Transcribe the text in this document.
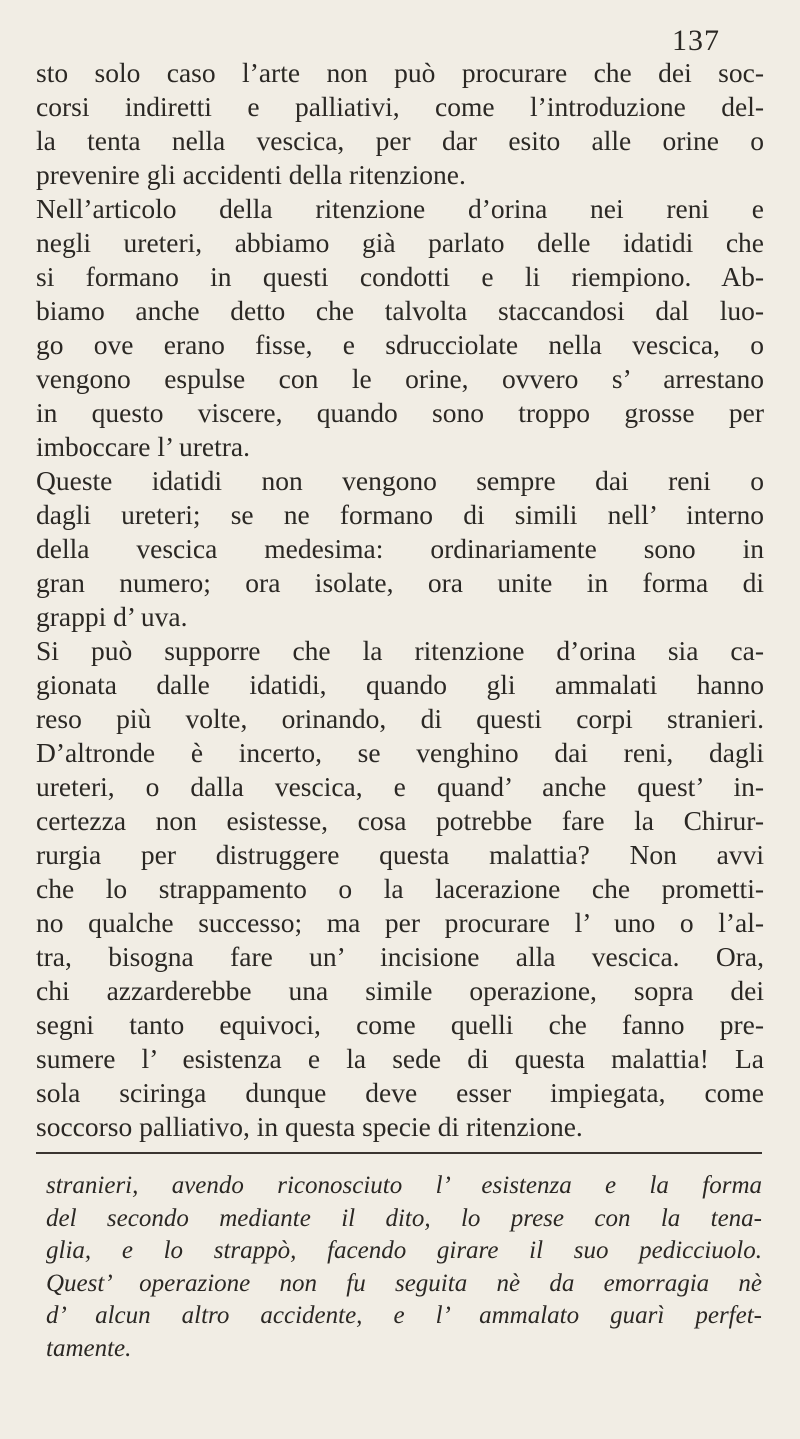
137
sto solo caso l’arte non può procurare che dei soc-
corsi indiretti e palliativi, come l’introduzione del-
la tenta nella vescica, per dar esito alle orine o
prevenire gli accidenti della ritenzione.
Nell’articolo della ritenzione d’orina nei reni e
negli ureteri, abbiamo già parlato delle idatidi che
si formano in questi condotti e li riempiono. Ab-
biamo anche detto che talvolta staccandosi dal luo-
go ove erano fisse, e sdrucciolate nella vescica, o
vengono espulse con le orine, ovvero s’ arrestano
in questo viscere, quando sono troppo grosse per
imboccare l’ uretra.
Queste idatidi non vengono sempre dai reni o
dagli ureteri; se ne formano di simili nell’ interno
della vescica medesima: ordinariamente sono in
gran numero; ora isolate, ora unite in forma di
grappi d’ uva.
Si può supporre che la ritenzione d’orina sia ca-
gionata dalle idatidi, quando gli ammalati hanno
reso più volte, orinando, di questi corpi stranieri.
D’altronde è incerto, se venghino dai reni, dagli
ureteri, o dalla vescica, e quand’ anche quest’ in-
certezza non esistesse, cosa potrebbe fare la Chirur-
rurgia per distruggere questa malattia? Non avvi
che lo strappamento o la lacerazione che prometti-
no qualche successo; ma per procurare l’ uno o l’al-
tra, bisogna fare un’ incisione alla vescica. Ora,
chi azzarderebbe una simile operazione, sopra dei
segni tanto equivoci, come quelli che fanno pre-
sumere l’ esistenza e la sede di questa malattia! La
sola sciringa dunque deve esser impiegata, come
soccorso palliativo, in questa specie di ritenzione.
stranieri, avendo riconosciuto l’ esistenza e la forma
del secondo mediante il dito, lo prese con la tena-
glia, e lo strappò, facendo girare il suo pedicciuolo.
Quest’ operazione non fu seguita nè da emorragia nè
d’ alcun altro accidente, e l’ ammalato guarì perfet-
tamente.
